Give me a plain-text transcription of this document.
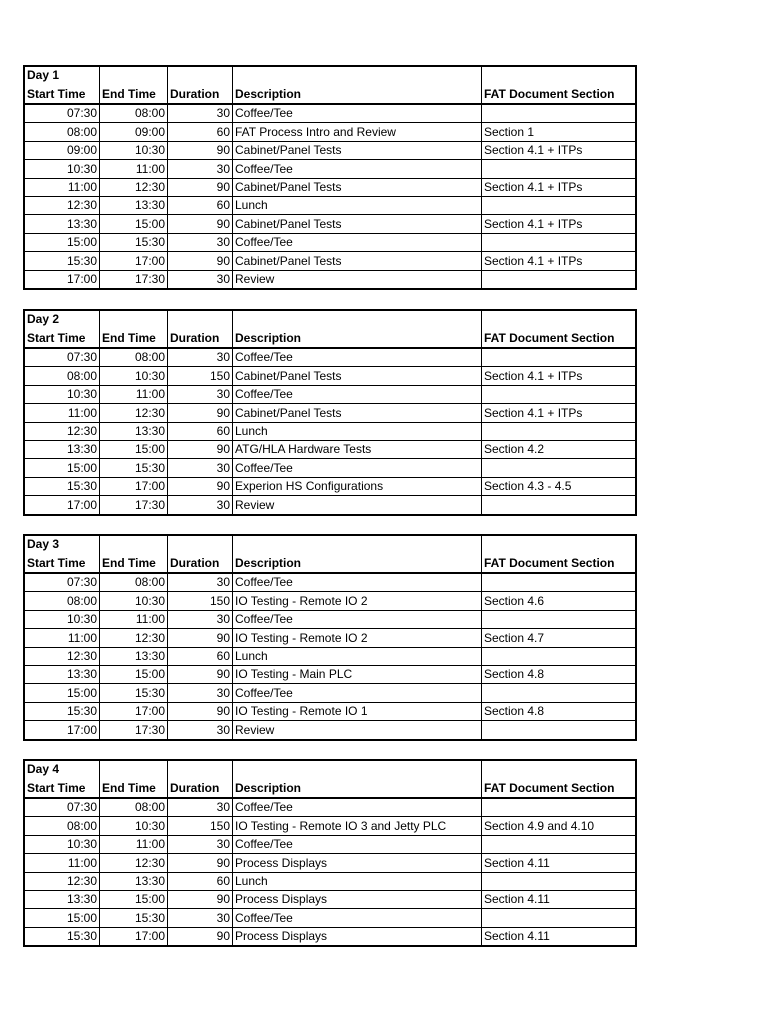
Day 1				
Start Time	End Time	Duration	Description	FAT Document Section
07:30	08:00	30	Coffee/Tee	
08:00	09:00	60	FAT Process Intro and Review	Section 1
09:00	10:30	90	Cabinet/Panel Tests	Section 4.1 + ITPs
10:30	11:00	30	Coffee/Tee	
11:00	12:30	90	Cabinet/Panel Tests	Section 4.1 + ITPs
12:30	13:30	60	Lunch	
13:30	15:00	90	Cabinet/Panel Tests	Section 4.1 + ITPs
15:00	15:30	30	Coffee/Tee	
15:30	17:00	90	Cabinet/Panel Tests	Section 4.1 + ITPs
17:00	17:30	30	Review	
Day 2				
Start Time	End Time	Duration	Description	FAT Document Section
07:30	08:00	30	Coffee/Tee	
08:00	10:30	150	Cabinet/Panel Tests	Section 4.1 + ITPs
10:30	11:00	30	Coffee/Tee	
11:00	12:30	90	Cabinet/Panel Tests	Section 4.1 + ITPs
12:30	13:30	60	Lunch	
13:30	15:00	90	ATG/HLA Hardware Tests	Section 4.2
15:00	15:30	30	Coffee/Tee	
15:30	17:00	90	Experion HS Configurations	Section 4.3 - 4.5
17:00	17:30	30	Review	
Day 3				
Start Time	End Time	Duration	Description	FAT Document Section
07:30	08:00	30	Coffee/Tee	
08:00	10:30	150	IO Testing - Remote IO 2	Section 4.6
10:30	11:00	30	Coffee/Tee	
11:00	12:30	90	IO Testing - Remote IO 2	Section 4.7
12:30	13:30	60	Lunch	
13:30	15:00	90	IO Testing - Main PLC	Section 4.8
15:00	15:30	30	Coffee/Tee	
15:30	17:00	90	IO Testing - Remote IO 1	Section 4.8
17:00	17:30	30	Review	
Day 4				
Start Time	End Time	Duration	Description	FAT Document Section
07:30	08:00	30	Coffee/Tee	
08:00	10:30	150	IO Testing - Remote IO 3 and Jetty PLC	Section 4.9 and 4.10
10:30	11:00	30	Coffee/Tee	
11:00	12:30	90	Process Displays	Section 4.11
12:30	13:30	60	Lunch	
13:30	15:00	90	Process Displays	Section 4.11
15:00	15:30	30	Coffee/Tee	
15:30	17:00	90	Process Displays	Section 4.11
